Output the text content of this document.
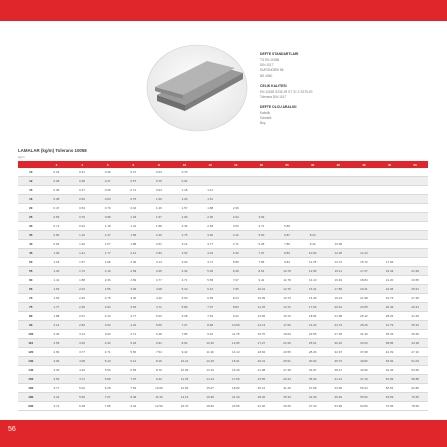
DEFTE STANDARTLARI
TS EN 10058
DIN 1017
EURONORM 58
BS 4360
CELIK KALITESI
EN 10025 S235 JR ST 37-2 S275 JR
Tolerans DIN 1017
DEFTE OLCU ARALIGI
Kalinlik
Genislik
Boy
LAMALAR (kg/m) Tolerans 10058
kg/m
	3	4	5	6	8	10	12	15	20	25	30	35	40	45	50
10	0.24	0.31	0.39	0.47	0.63	0.79									
12	0.28	0.38	0.47	0.57	0.75	0.94									
15	0.35	0.47	0.59	0.71	0.94	1.18	1.41								
16	0.38	0.50	0.63	0.75	1.00	1.26	1.51								
20	0.47	0.63	0.79	0.94	1.26	1.57	1.88	2.36							
25	0.59	0.79	0.98	1.18	1.57	1.96	2.36	2.94	3.93						
30	0.71	0.94	1.18	1.41	1.88	2.36	2.83	3.53	4.71	5.89					
35	0.82	1.10	1.37	1.65	2.20	2.75	3.30	4.12	5.50	6.87	8.24				
40	0.94	1.26	1.57	1.88	2.51	3.14	3.77	4.71	6.28	7.85	9.42	10.99			
45	1.06	1.41	1.77	2.12	2.83	3.53	4.24	5.30	7.07	8.83	10.60	12.36	14.13		
50	1.18	1.57	1.96	2.36	3.14	3.93	4.71	5.89	7.85	9.81	11.78	13.74	15.70	17.66	
55	1.30	1.73	2.16	2.59	3.45	4.32	5.18	6.48	8.64	10.79	12.95	15.11	17.27	19.43	21.59
60	1.41	1.88	2.36	2.83	3.77	4.71	5.65	7.07	9.42	11.78	14.13	16.49	18.84	21.20	23.55
65	1.53	2.04	2.55	3.06	4.08	5.10	6.12	7.65	10.21	12.76	15.31	17.86	20.41	22.96	25.51
70	1.65	2.20	2.75	3.30	4.40	5.50	6.59	8.24	10.99	13.74	16.49	19.23	21.98	24.73	27.48
75	1.77	2.36	2.94	3.53	4.71	5.89	7.07	8.83	11.78	14.72	17.66	20.61	23.55	26.49	29.44
80	1.88	2.51	3.14	3.77	5.02	6.28	7.54	9.42	12.56	15.70	18.84	21.98	25.12	28.26	31.40
90	2.12	2.83	3.53	4.24	5.65	7.07	8.48	10.60	14.13	17.66	21.20	24.73	28.26	31.79	35.33
100	2.36	3.14	3.93	4.71	6.28	7.85	9.42	11.78	15.70	19.63	23.55	27.48	31.40	35.33	39.25
110	2.59	3.45	4.32	5.18	6.91	8.64	10.36	12.95	17.27	21.59	25.91	30.22	34.54	38.86	43.18
120	2.83	3.77	4.71	5.65	7.54	9.42	11.30	14.13	18.84	23.55	28.26	32.97	37.68	42.39	47.10
130	3.06	4.08	5.10	6.12	8.16	10.21	12.25	15.31	20.41	25.51	30.62	35.72	40.82	45.92	51.03
140	3.30	4.40	5.50	6.59	8.79	10.99	13.19	16.49	21.98	27.48	32.97	38.47	43.96	49.46	54.95
150	3.53	4.71	5.89	7.07	9.42	11.78	14.13	17.66	23.55	29.44	35.33	41.21	47.10	52.99	58.88
160	3.77	5.02	6.28	7.54	10.05	12.56	15.07	18.84	25.12	31.40	37.68	43.96	50.24	56.52	62.80
180	4.24	5.65	7.07	8.48	11.30	14.13	16.96	21.20	28.26	35.33	42.39	49.46	56.52	63.59	70.65
200	4.71	6.28	7.85	9.42	12.56	15.70	18.84	23.55	31.40	39.25	47.10	54.95	62.80	70.65	78.50
56
